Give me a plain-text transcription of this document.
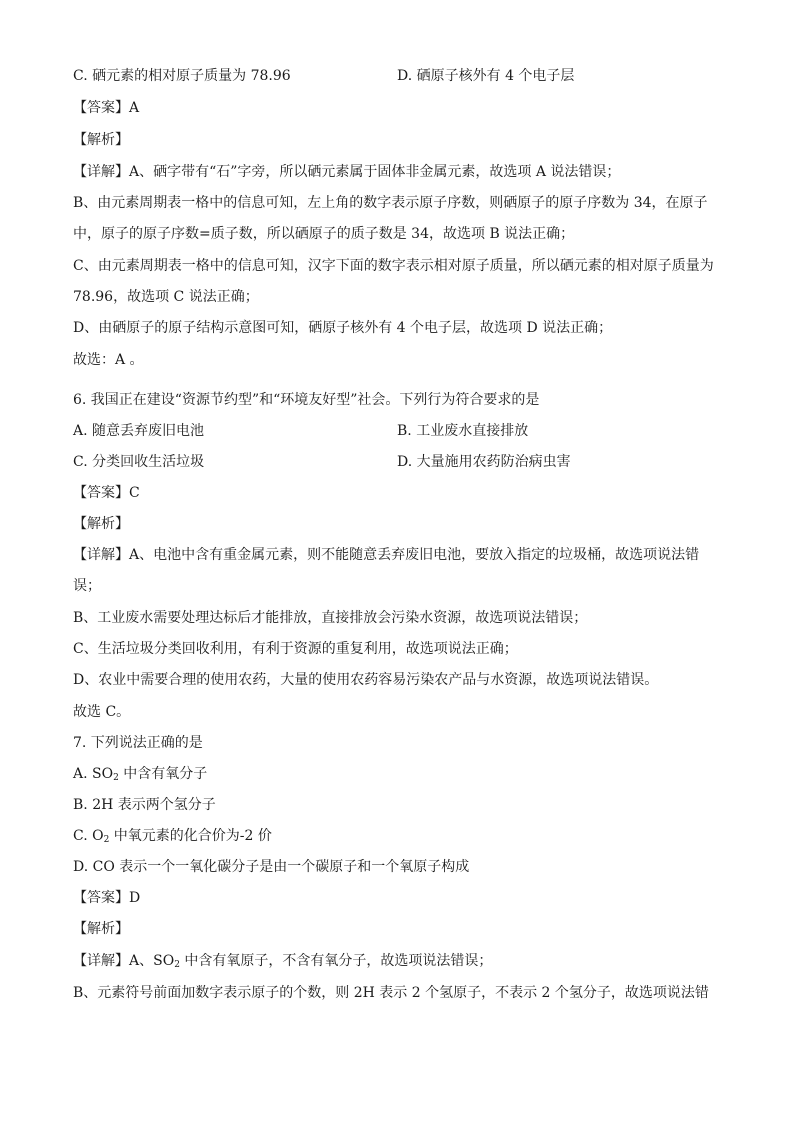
C. 硒元素的相对原子质量为 78.96	D. 硒原子核外有 4 个电子层
【答案】A
【解析】
【详解】A、硒字带有“石”字旁，所以硒元素属于固体非金属元素，故选项 A 说法错误；
B、由元素周期表一格中的信息可知，左上角的数字表示原子序数，则硒原子的原子序数为 34，在原子
中，原子的原子序数=质子数，所以硒原子的质子数是 34，故选项 B 说法正确；
C、由元素周期表一格中的信息可知，汉字下面的数字表示相对原子质量，所以硒元素的相对原子质量为
78.96，故选项 C 说法正确；
D、由硒原子的原子结构示意图可知，硒原子核外有 4 个电子层，故选项 D 说法正确；
故选：A 。
6. 我国正在建设“资源节约型”和“环境友好型”社会。下列行为符合要求的是
A. 随意丢弃废旧电池	B. 工业废水直接排放
C. 分类回收生活垃圾	D. 大量施用农药防治病虫害
【答案】C
【解析】
【详解】A、电池中含有重金属元素，则不能随意丢弃废旧电池，要放入指定的垃圾桶，故选项说法错
误；
B、工业废水需要处理达标后才能排放，直接排放会污染水资源，故选项说法错误；
C、生活垃圾分类回收利用，有利于资源的重复利用，故选项说法正确；
D、农业中需要合理的使用农药，大量的使用农药容易污染农产品与水资源，故选项说法错误。
故选 C。
7. 下列说法正确的是
A. $SO_2$ 中含有氧分子
B. 2H 表示两个氢分子
C. $O_2$ 中氧元素的化合价为-2 价
D. CO 表示一个一氧化碳分子是由一个碳原子和一个氧原子构成
【答案】D
【解析】
【详解】A、$SO_2$ 中含有氧原子，不含有氧分子，故选项说法错误；
B、元素符号前面加数字表示原子的个数，则 2H 表示 2 个氢原子，不表示 2 个氢分子，故选项说法错
